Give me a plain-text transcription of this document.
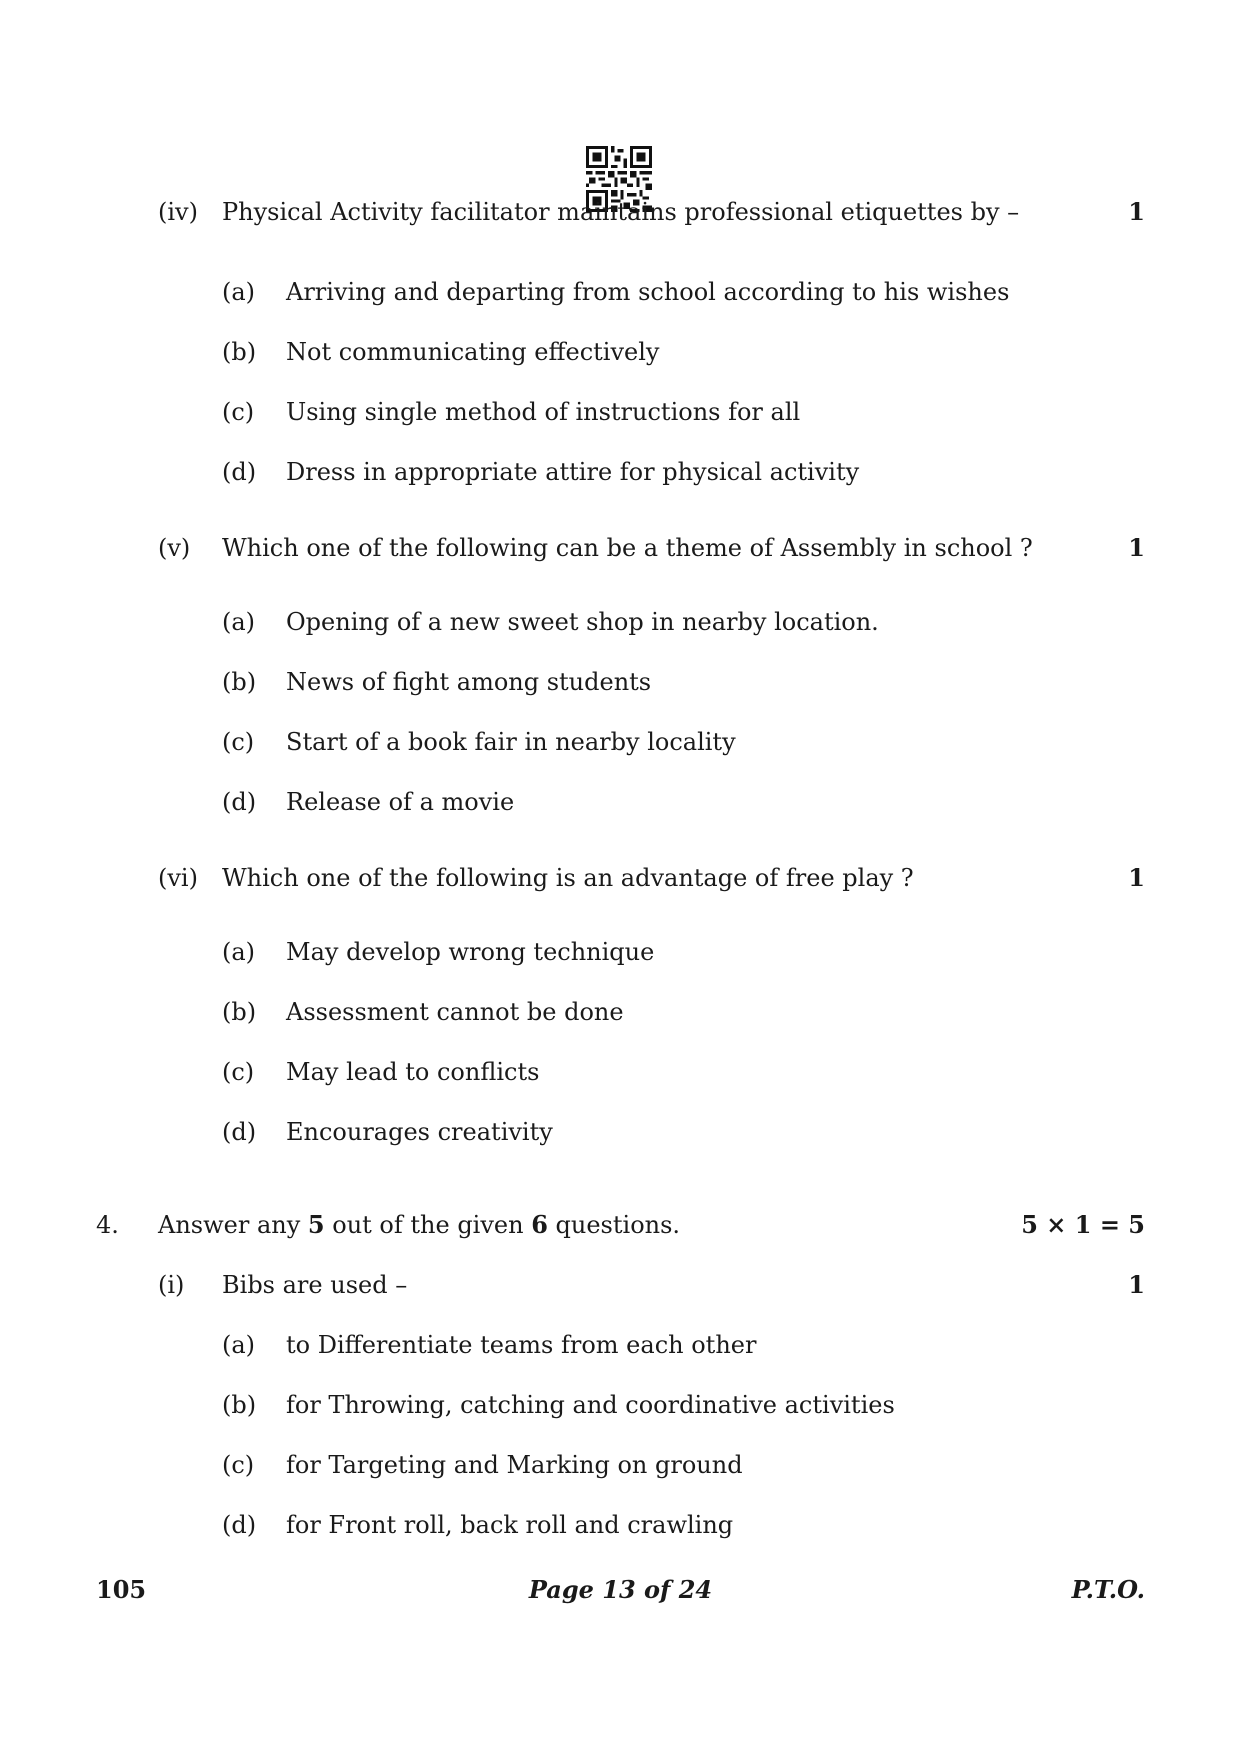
(iv) Physical Activity facilitator maintains professional etiquettes by –	1
(a) Arriving and departing from school according to his wishes
(b) Not communicating effectively
(c) Using single method of instructions for all
(d) Dress in appropriate attire for physical activity
(v) Which one of the following can be a theme of Assembly in school ?	1
(a) Opening of a new sweet shop in nearby location.
(b) News of fight among students
(c) Start of a book fair in nearby locality
(d) Release of a movie
(vi) Which one of the following is an advantage of free play ?	1
(a) May develop wrong technique
(b) Assessment cannot be done
(c) May lead to conflicts
(d) Encourages creativity
4. Answer any 5 out of the given 6 questions.	5 × 1 = 5
(i) Bibs are used –	1
(a) to Differentiate teams from each other
(b) for Throwing, catching and coordinative activities
(c) for Targeting and Marking on ground
(d) for Front roll, back roll and crawling
105	Page 13 of 24	P.T.O.
